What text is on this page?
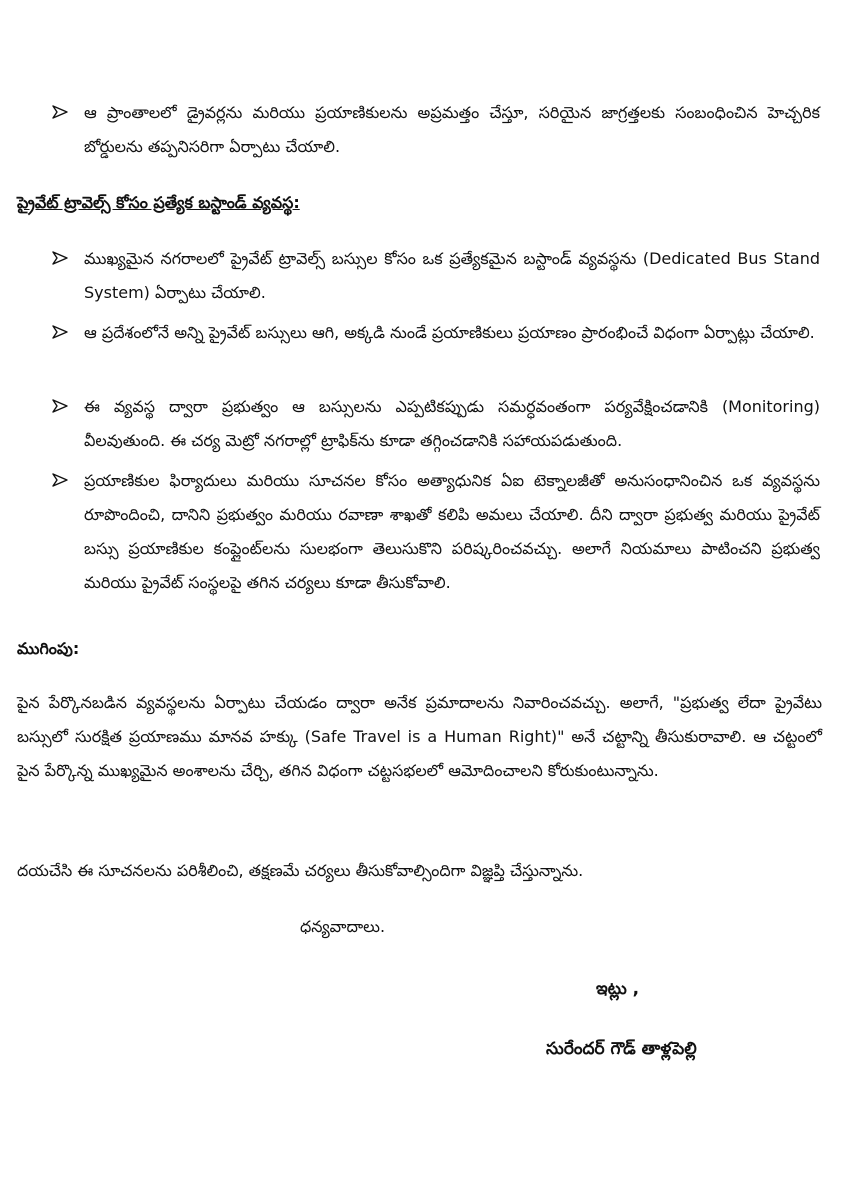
ఆ ప్రాంతాలలో డ్రైవర్లను మరియు ప్రయాణికులను అప్రమత్తం చేస్తూ, సరియైన జాగ్రత్తలకు సంబంధించిన హెచ్చరిక బోర్డులను తప్పనిసరిగా ఏర్పాటు చేయాలి.

ప్రైవేట్ ట్రావెల్స్ కోసం ప్రత్యేక బస్టాండ్ వ్యవస్థ:

ముఖ్యమైన నగరాలలో ప్రైవేట్ ట్రావెల్స్ బస్సుల కోసం ఒక ప్రత్యేకమైన బస్టాండ్ వ్యవస్థను (Dedicated Bus Stand System) ఏర్పాటు చేయాలి.

ఆ ప్రదేశంలోనే అన్ని ప్రైవేట్ బస్సులు ఆగి, అక్కడి నుండే ప్రయాణికులు ప్రయాణం ప్రారంభించే విధంగా ఏర్పాట్లు చేయాలి.

ఈ వ్యవస్థ ద్వారా ప్రభుత్వం ఆ బస్సులను ఎప్పటికప్పుడు సమర్ధవంతంగా పర్యవేక్షించడానికి (Monitoring) వీలవుతుంది. ఈ చర్య మెట్రో నగరాల్లో ట్రాఫిక్‌ను కూడా తగ్గించడానికి సహాయపడుతుంది.

ప్రయాణికుల ఫిర్యాదులు మరియు సూచనల కోసం అత్యాధునిక ఏఐ టెక్నాలజీతో అనుసంధానించిన ఒక వ్యవస్థను రూపొందించి, దానిని ప్రభుత్వం మరియు రవాణా శాఖతో కలిపి అమలు చేయాలి. దీని ద్వారా ప్రభుత్వ మరియు ప్రైవేట్ బస్సు ప్రయాణికుల కంప్లైంట్‌లను సులభంగా తెలుసుకొని పరిష్కరించవచ్చు. అలాగే నియమాలు పాటించని ప్రభుత్వ మరియు ప్రైవేట్ సంస్థలపై తగిన చర్యలు కూడా తీసుకోవాలి.

ముగింపు:

పైన పేర్కొనబడిన వ్యవస్థలను ఏర్పాటు చేయడం ద్వారా అనేక ప్రమాదాలను నివారించవచ్చు. అలాగే, "ప్రభుత్వ లేదా ప్రైవేటు బస్సులో సురక్షిత ప్రయాణము మానవ హక్కు (Safe Travel is a Human Right)" అనే చట్టాన్ని తీసుకురావాలి. ఆ చట్టంలో పైన పేర్కొన్న ముఖ్యమైన అంశాలను చేర్చి, తగిన విధంగా చట్టసభలలో ఆమోదించాలని కోరుకుంటున్నాను.

దయచేసి ఈ సూచనలను పరిశీలించి, తక్షణమే చర్యలు తీసుకోవాల్సిందిగా విజ్ఞప్తి చేస్తున్నాను.

ధన్యవాదాలు.

ఇట్లు ,

సురేందర్ గౌడ్ తాళ్లపెల్లి
